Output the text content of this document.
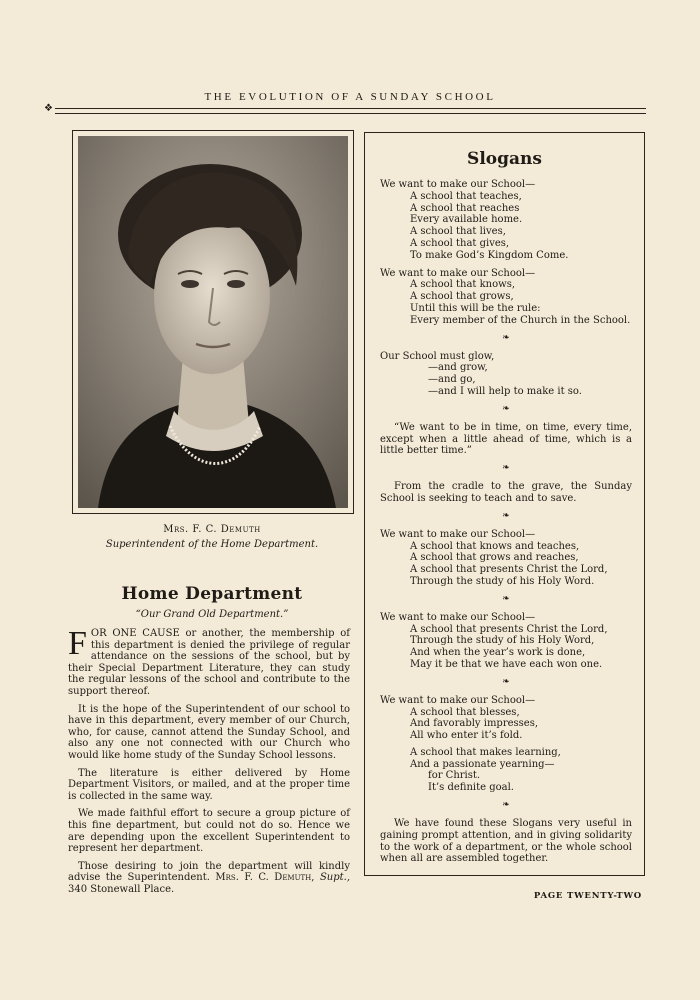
THE EVOLUTION OF A SUNDAY SCHOOL
❖
Mrs. F. C. Demuth
Superintendent of the Home Department.
Home Department
“Our Grand Old Department.”

FOR ONE CAUSE or another, the membership of this department is denied the privilege of regular attendance on the sessions of the school, but by their Special Department Literature, they can study the regular lessons of the school and contribute to the support thereof.

It is the hope of the Superintendent of our school to have in this department, every member of our Church, who, for cause, cannot attend the Sunday School, and also any one not connected with our Church who would like home study of the Sunday School lessons.

The literature is either delivered by Home Department Visitors, or mailed, and at the proper time is collected in the same way.

We made faithful effort to secure a group picture of this fine department, but could not do so. Hence we are depending upon the excellent Superintendent to represent her department.

Those desiring to join the department will kindly advise the Superintendent. Mrs. F. C. Demuth, Supt., 340 Stonewall Place.

Slogans

We want to make our School—

A school that teaches,

A school that reaches

Every available home.

A school that lives,

A school that gives,

To make God’s Kingdom Come.

We want to make our School—

A school that knows,

A school that grows,

Until this will be the rule:

Every member of the Church in the School.

❧

Our School must glow,

—and grow,

—and go,

—and I will help to make it so.

❧

“We want to be in time, on time, every time, except when a little ahead of time, which is a little better time.”

❧

From the cradle to the grave, the Sunday School is seeking to teach and to save.

❧

We want to make our School—

A school that knows and teaches,

A school that grows and reaches,

A school that presents Christ the Lord,

Through the study of his Holy Word.

❧

We want to make our School—

A school that presents Christ the Lord,

Through the study of his Holy Word,

And when the year’s work is done,

May it be that we have each won one.

❧

We want to make our School—

A school that blesses,

And favorably impresses,

All who enter it’s fold.

A school that makes learning,

And a passionate yearning—

for Christ.

It’s definite goal.

❧

We have found these Slogans very useful in gaining prompt attention, and in giving solidarity to the work of a department, or the whole school when all are assembled together.

PAGE TWENTY-TWO
